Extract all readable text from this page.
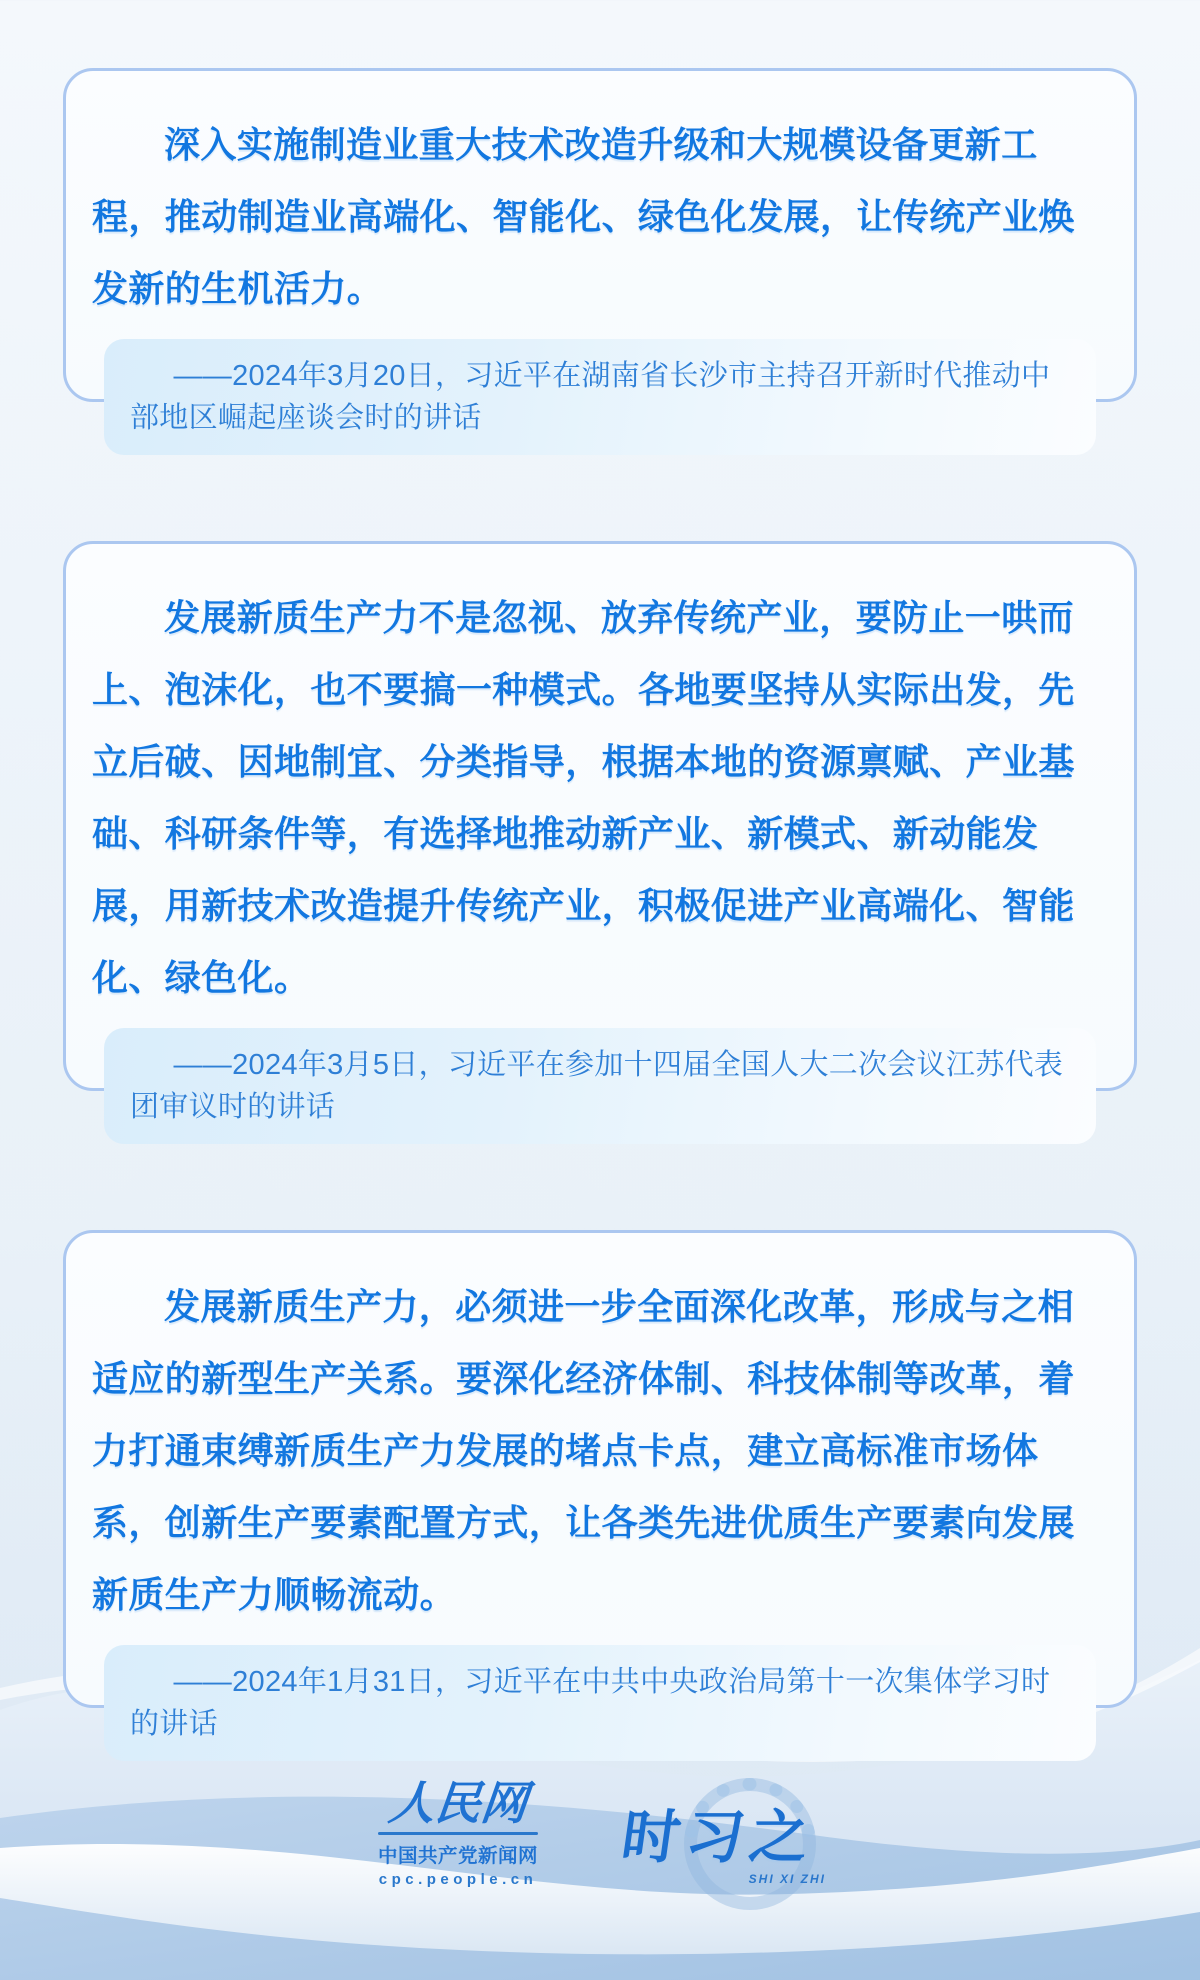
深入实施制造业重大技术改造升级和大规模设备更新工程，推动制造业高端化、智能化、绿色化发展，让传统产业焕发新的生机活力。

——2024年3月20日，习近平在湖南省长沙市主持召开新时代推动中部地区崛起座谈会时的讲话

发展新质生产力不是忽视、放弃传统产业，要防止一哄而上、泡沫化，也不要搞一种模式。各地要坚持从实际出发，先立后破、因地制宜、分类指导，根据本地的资源禀赋、产业基础、科研条件等，有选择地推动新产业、新模式、新动能发展，用新技术改造提升传统产业，积极促进产业高端化、智能化、绿色化。

——2024年3月5日，习近平在参加十四届全国人大二次会议江苏代表团审议时的讲话

发展新质生产力，必须进一步全面深化改革，形成与之相适应的新型生产关系。要深化经济体制、科技体制等改革，着力打通束缚新质生产力发展的堵点卡点，建立高标准市场体系，创新生产要素配置方式，让各类先进优质生产要素向发展新质生产力顺畅流动。

——2024年1月31日，习近平在中共中央政治局第十一次集体学习时的讲话

人民网
中国共产党新闻网
cpc.people.cn
时习之
SHI XI ZHI
